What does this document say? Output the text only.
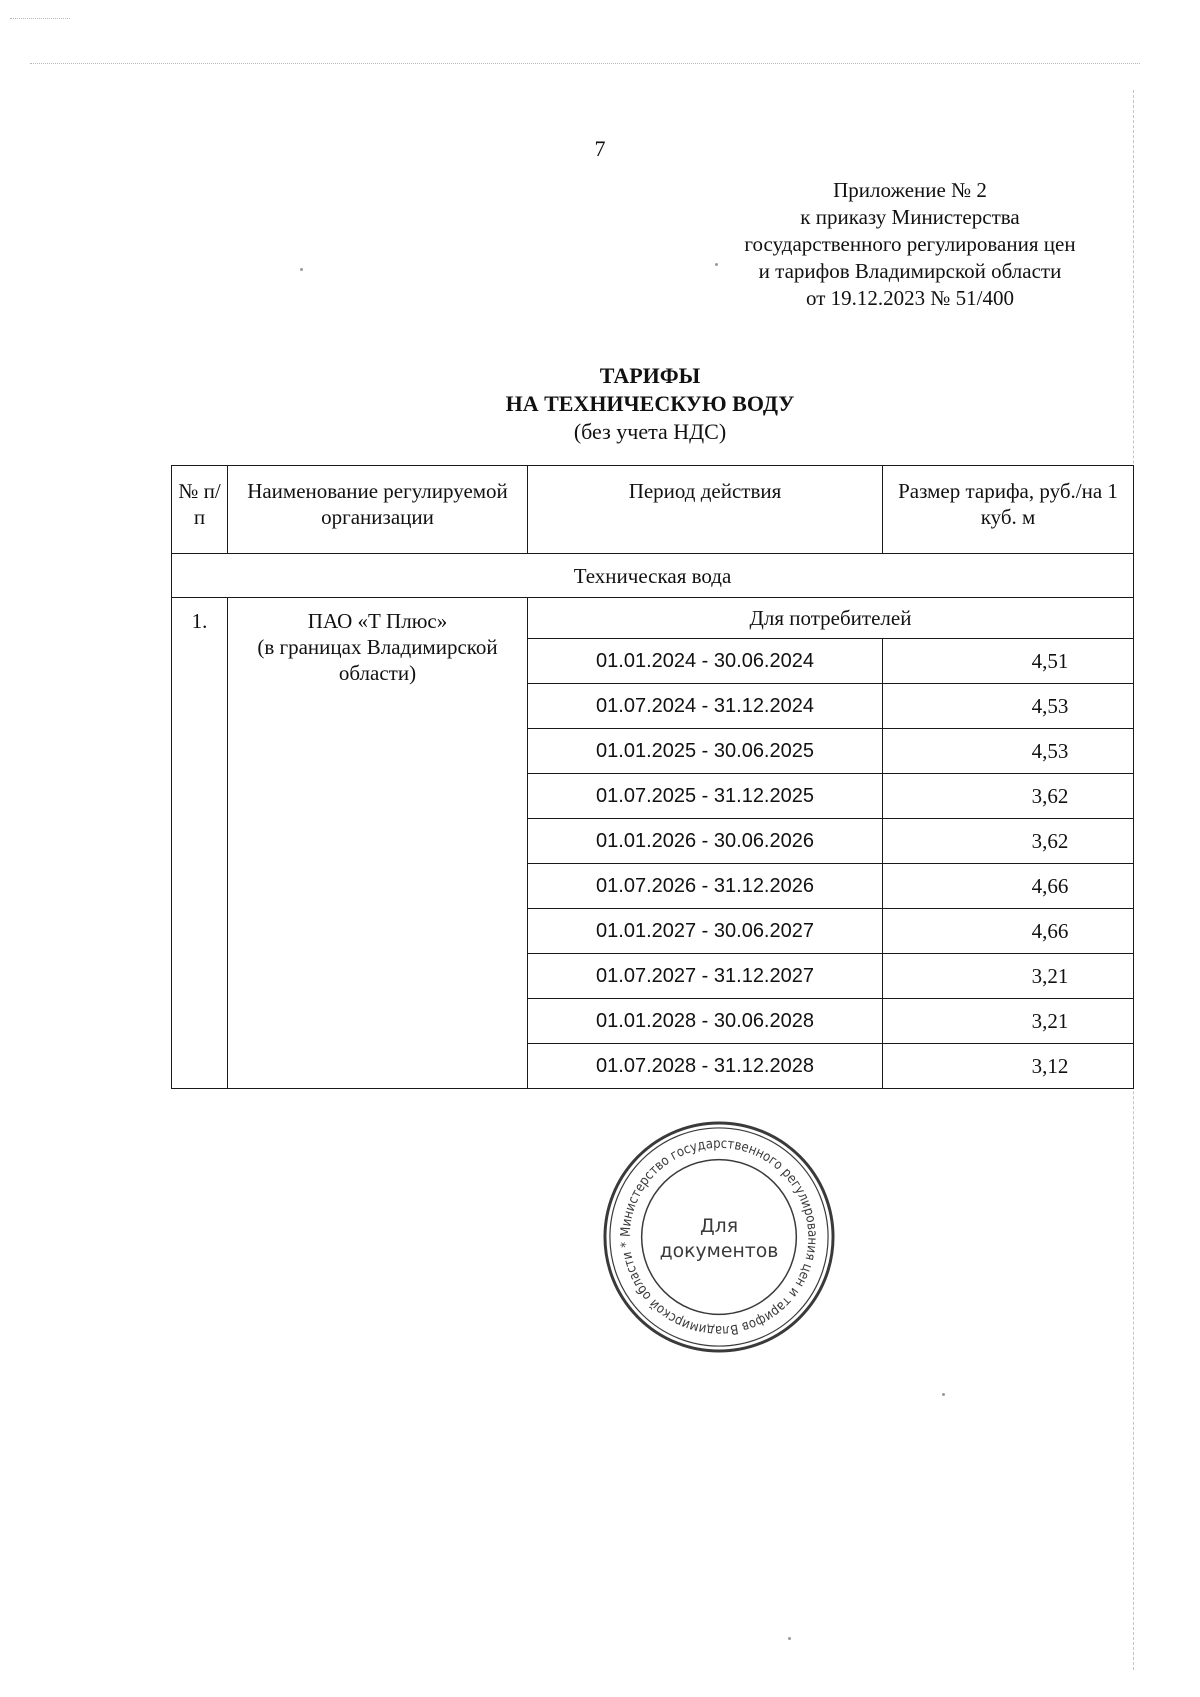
7
Приложение № 2
к приказу Министерства
государственного регулирования цен
и тарифов Владимирской области
от 19.12.2023 № 51/400
ТАРИФЫ
НА ТЕХНИЧЕСКУЮ ВОДУ
(без учета НДС)
№ п/п	Наименование регулируемой организации	Период действия	Размер тарифа, руб./на 1 куб. м
Техническая вода			
1.	ПАО «Т Плюс»
(в границах Владимирской
области)	Для потребителей	
		01.01.2024 - 30.06.2024	4,51
		01.07.2024 - 31.12.2024	4,53
		01.01.2025 - 30.06.2025	4,53
		01.07.2025 - 31.12.2025	3,62
		01.01.2026 - 30.06.2026	3,62
		01.07.2026 - 31.12.2026	4,66
		01.01.2027 - 30.06.2027	4,66
		01.07.2027 - 31.12.2027	3,21
		01.01.2028 - 30.06.2028	3,21
		01.07.2028 - 31.12.2028	3,12
Министерство государственного регулирования цен и тарифов Владимирской области *
Для
документов
